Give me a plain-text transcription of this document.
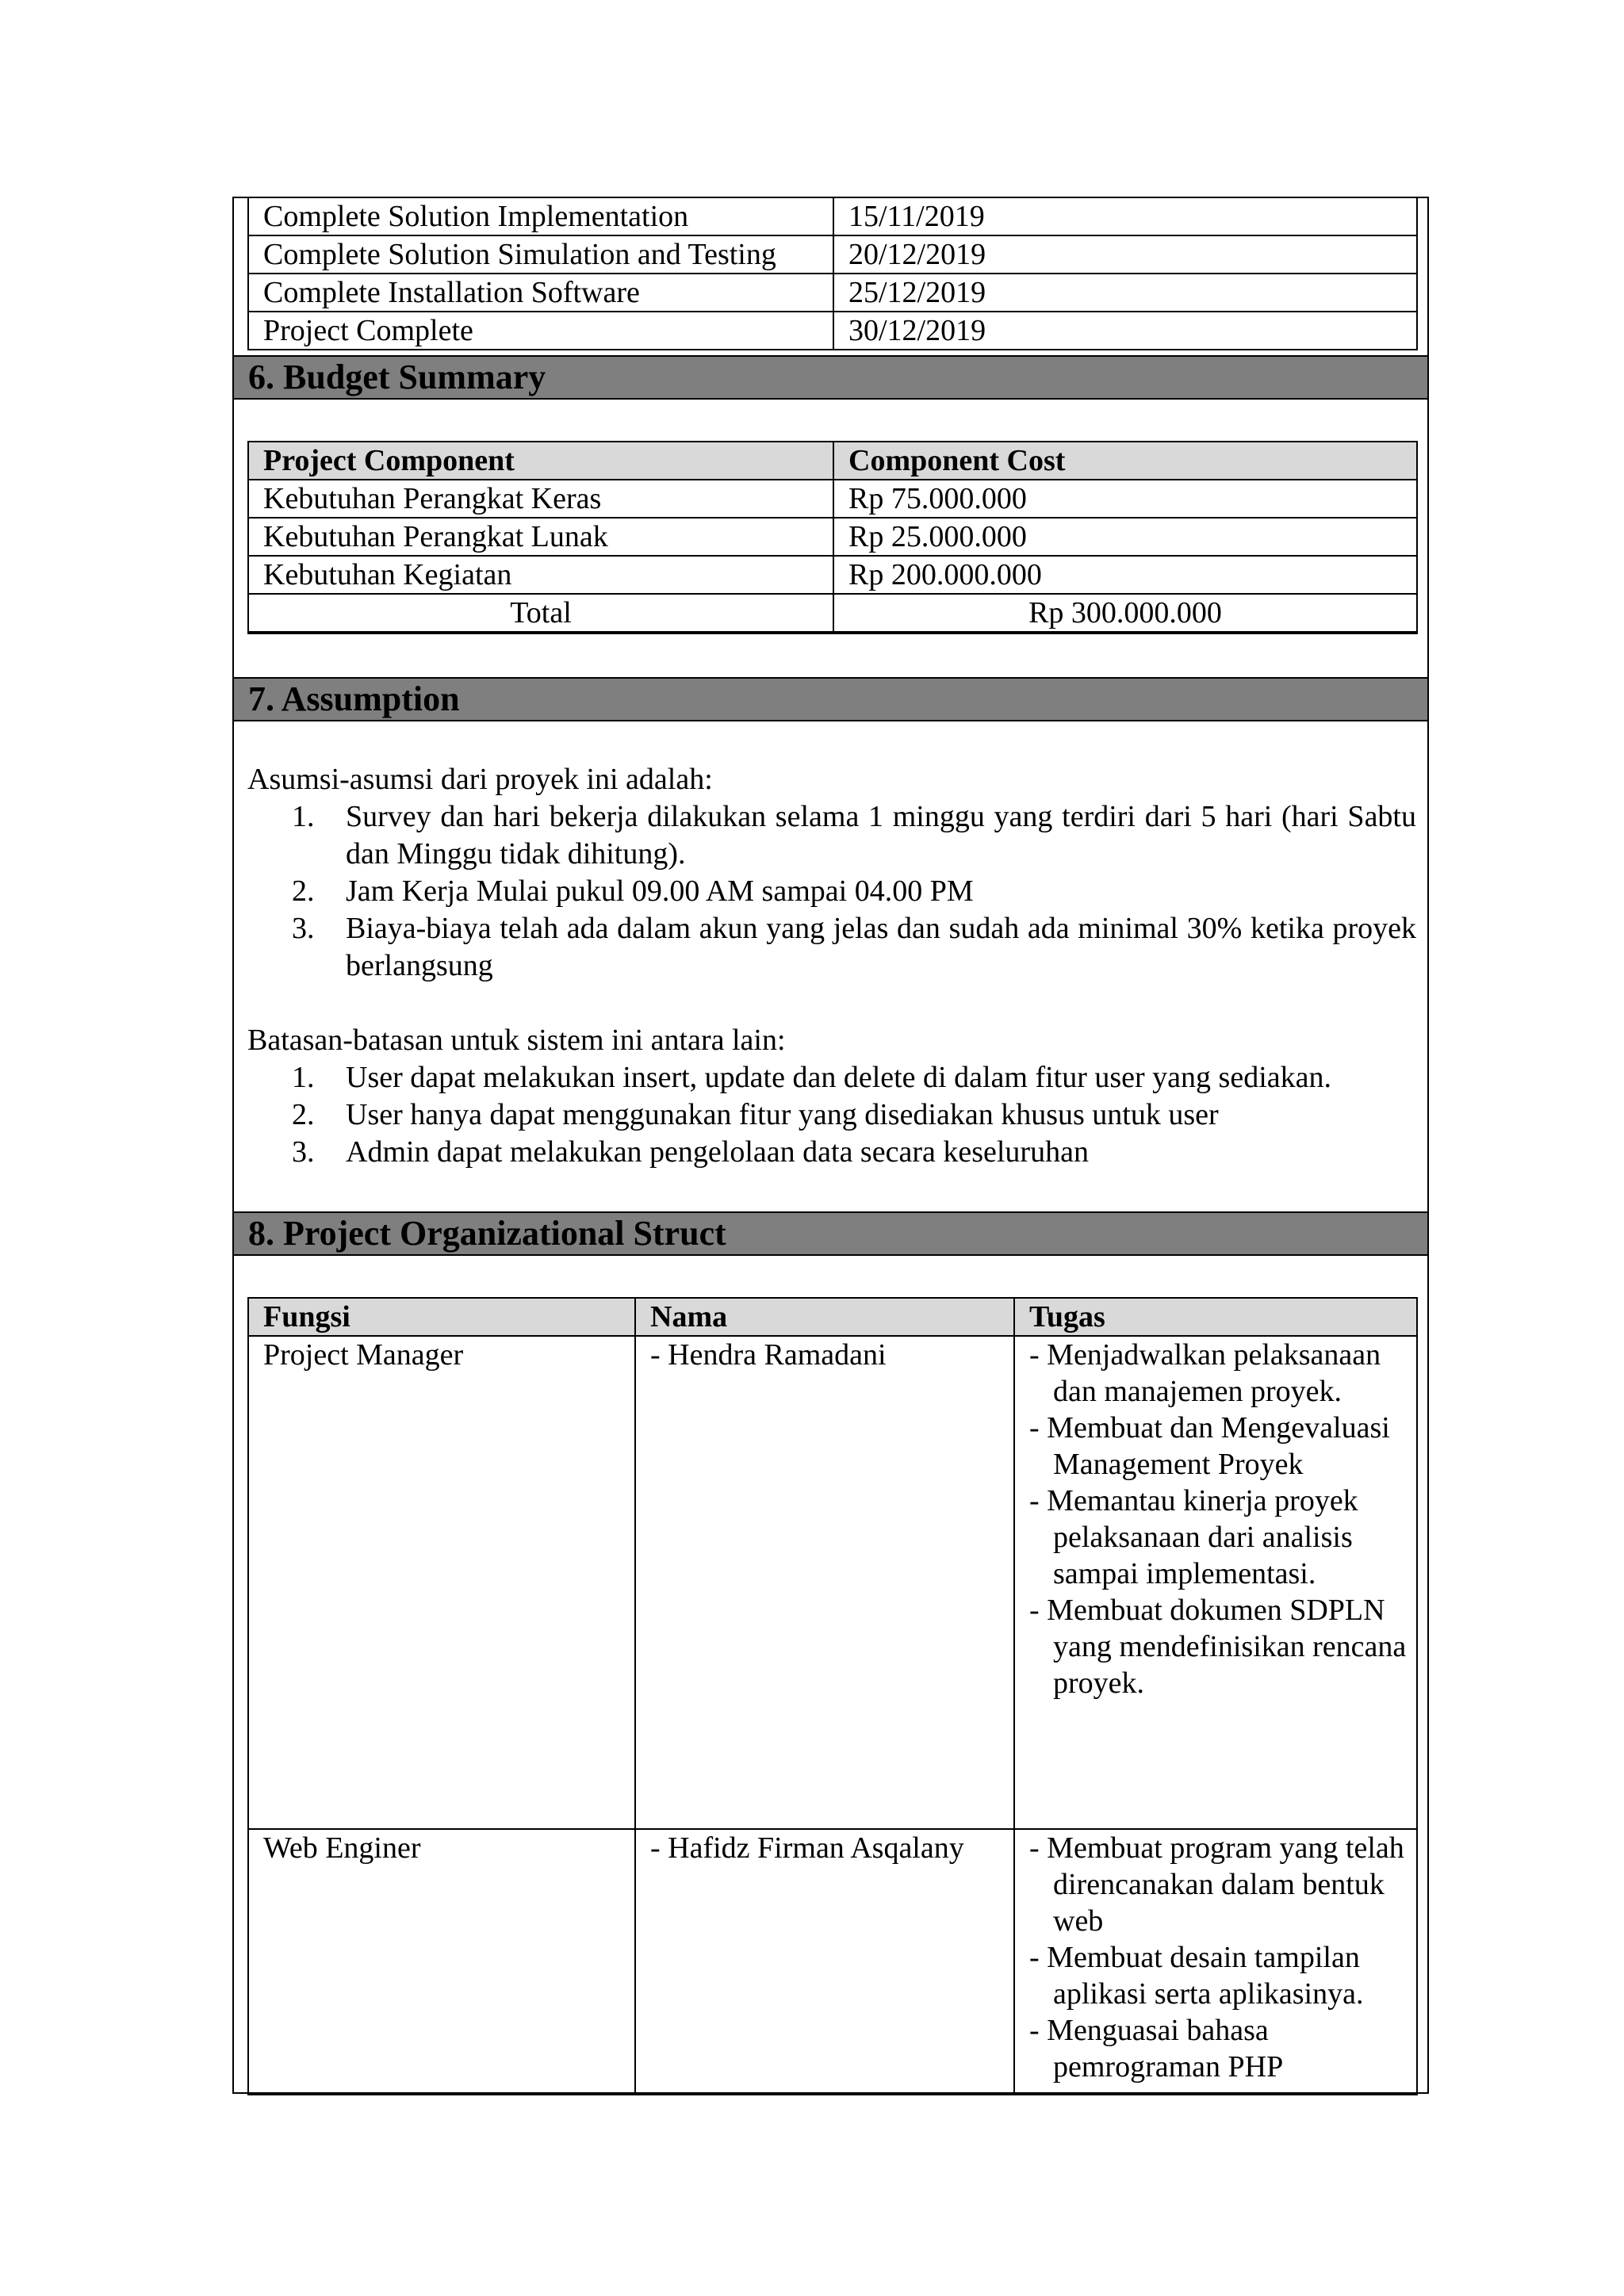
Complete Solution Implementation	15/11/2019
Complete Solution Simulation and Testing	20/12/2019
Complete Installation Software	25/12/2019
Project Complete	30/12/2019
6. Budget Summary
Project Component	Component Cost
Kebutuhan Perangkat Keras	Rp 75.000.000
Kebutuhan Perangkat Lunak	Rp 25.000.000
Kebutuhan Kegiatan	Rp 200.000.000
Total	Rp 300.000.000

7. Assumption

Asumsi-asumsi dari proyek ini adalah:

1. Survey dan hari bekerja dilakukan selama 1 minggu yang terdiri dari 5 hari (hari Sabtu dan Minggu tidak dihitung).
2. Jam Kerja Mulai pukul 09.00 AM sampai 04.00 PM
3. Biaya-biaya telah ada dalam akun yang jelas dan sudah ada minimal 30% ketika proyek berlangsung

Batasan-batasan untuk sistem ini antara lain:

1. User dapat melakukan insert, update dan delete di dalam fitur user yang sediakan.
2. User hanya dapat menggunakan fitur yang disediakan khusus untuk user
3. Admin dapat melakukan pengelolaan data secara keseluruhan
8. Project Organizational Struct
Fungsi	Nama	Tugas
Project Manager	- Hendra Ramadani	- Menjadwalkan pelaksanaan dan manajemen proyek.
- Membuat dan Mengevaluasi Management Proyek
- Memantau kinerja proyek pelaksanaan dari analisis sampai implementasi.
- Membuat dokumen SDPLN yang mendefinisikan rencana proyek.

Web Enginer	- Hafidz Firman Asqalany	- Membuat program yang telah direncanakan dalam bentuk web
- Membuat desain tampilan aplikasi serta aplikasinya.
- Menguasai bahasa pemrograman PHP
